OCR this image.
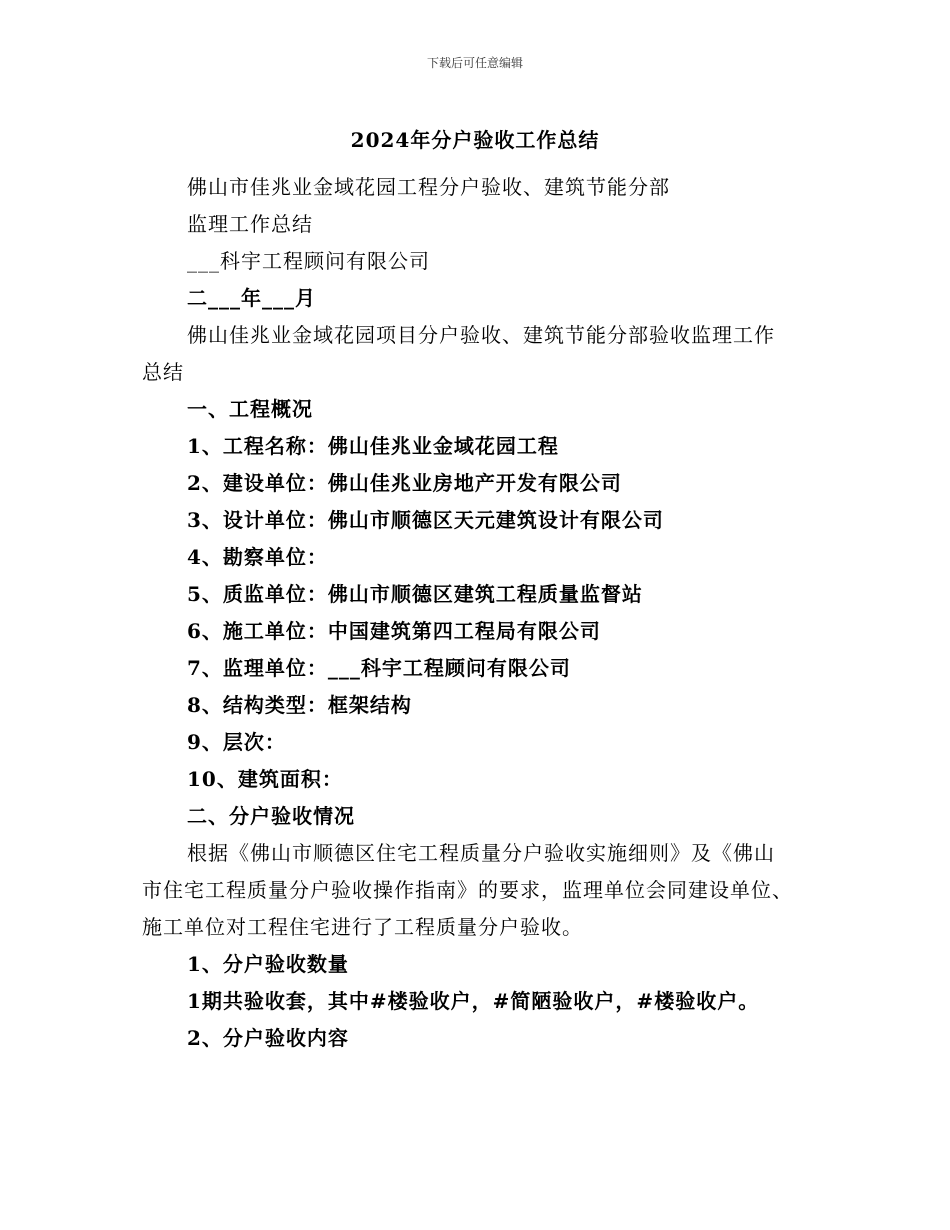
下载后可任意编辑
2024年分户验收工作总结
佛山市佳兆业金域花园工程分户验收、建筑节能分部
监理工作总结
___科宇工程顾问有限公司
二___年___月
佛山佳兆业金域花园项目分户验收、建筑节能分部验收监理工作
总结
一、工程概况
1、工程名称：佛山佳兆业金域花园工程
2、建设单位：佛山佳兆业房地产开发有限公司
3、设计单位：佛山市顺德区天元建筑设计有限公司
4、勘察单位：
5、质监单位：佛山市顺德区建筑工程质量监督站
6、施工单位：中国建筑第四工程局有限公司
7、监理单位：___科宇工程顾问有限公司
8、结构类型：框架结构
9、层次：
10、建筑面积：
二、分户验收情况
根据《佛山市顺德区住宅工程质量分户验收实施细则》及《佛山
市住宅工程质量分户验收操作指南》的要求，监理单位会同建设单位、
施工单位对工程住宅进行了工程质量分户验收。
1、分户验收数量
1期共验收套，其中#楼验收户，#简陋验收户，#楼验收户。
2、分户验收内容
